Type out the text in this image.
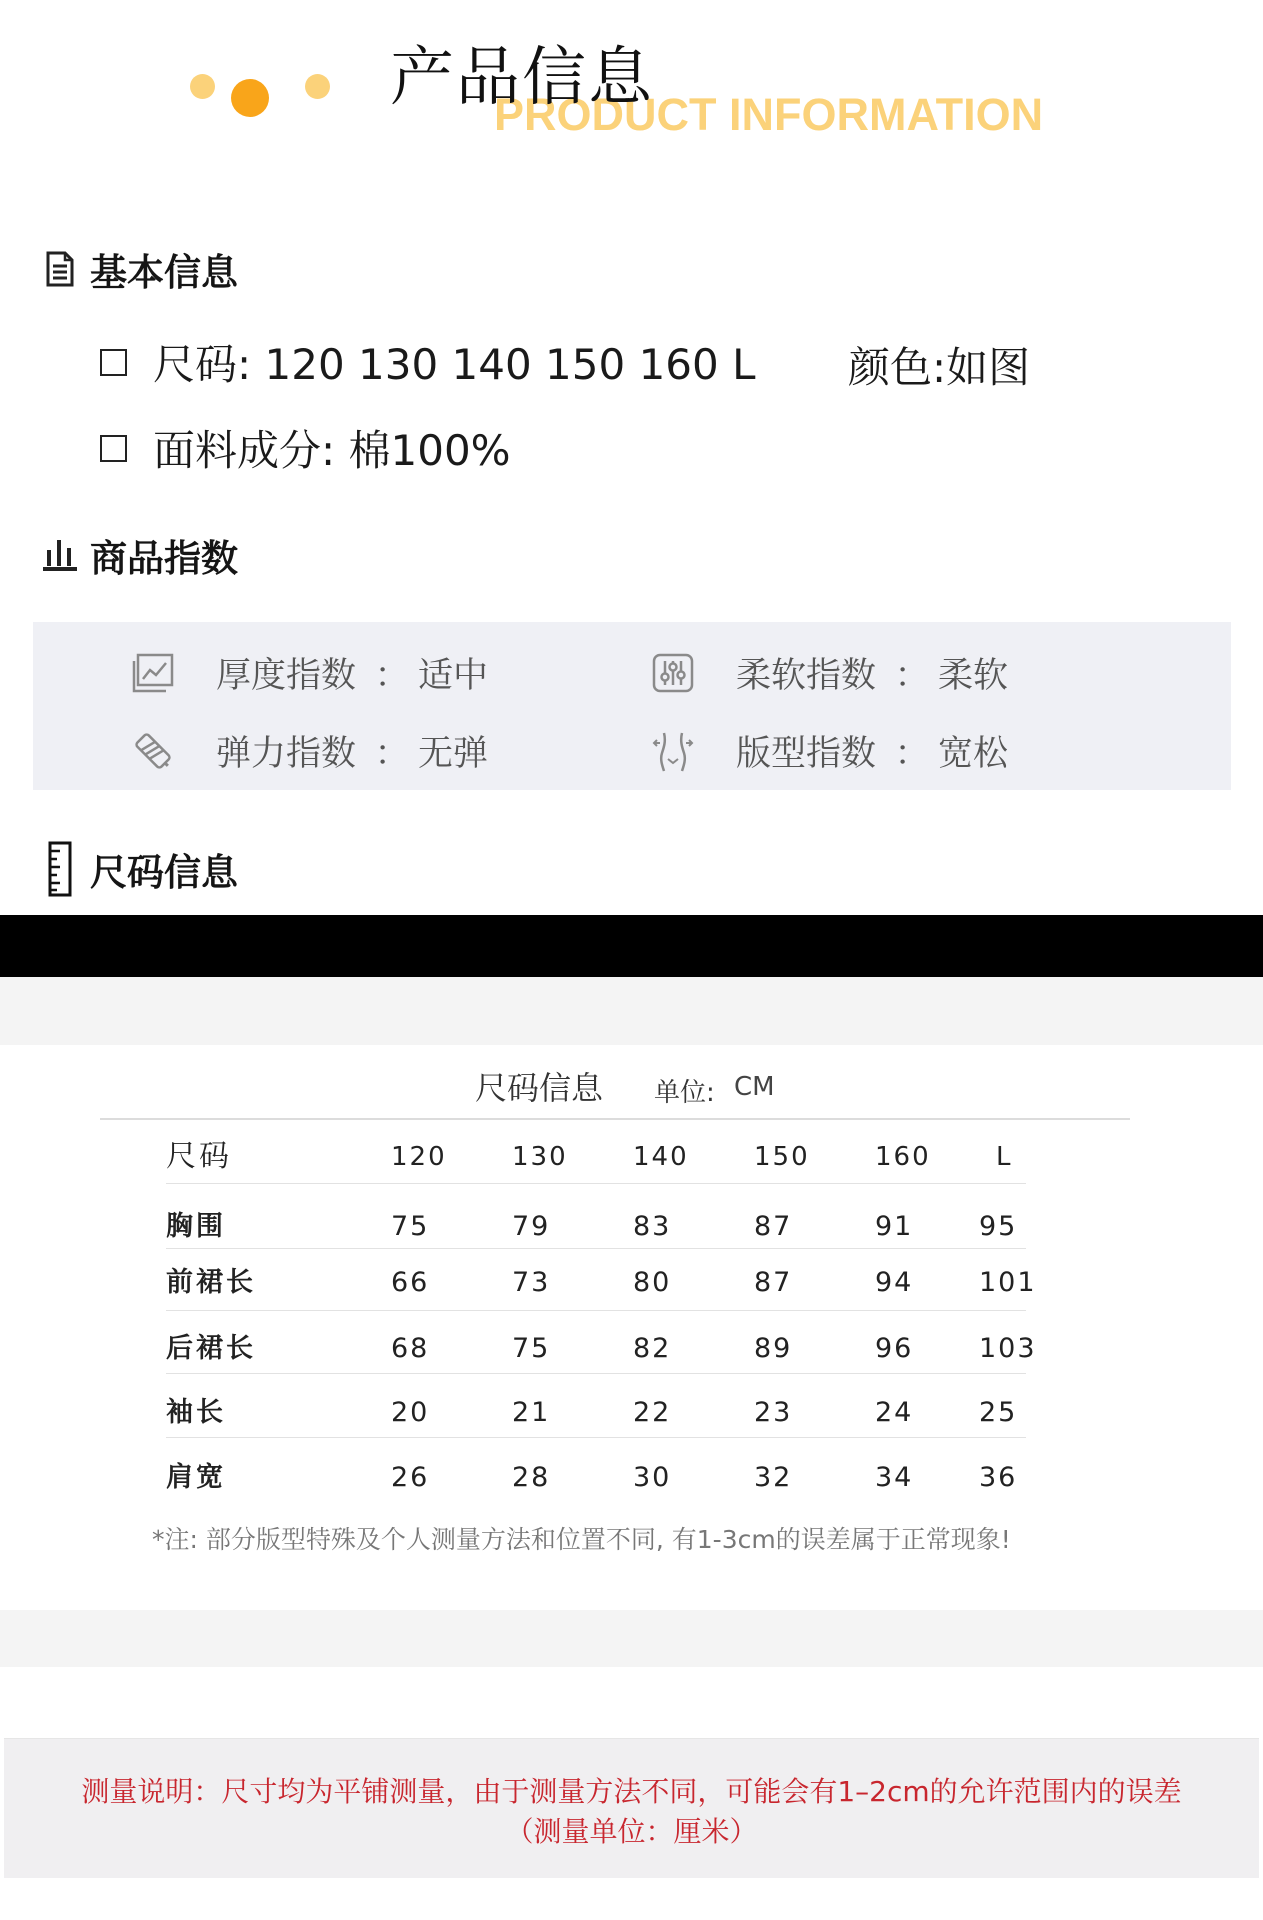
PRODUCT INFORMATION
产品信息
基本信息
尺码: 120 130 140 150 160 L 颜色:如图
面料成分: 棉100%
商品指数
厚度指数 ： 适中	柔软指数 ： 柔软
弹力指数 ： 无弹	版型指数 ： 宽松
尺码信息
尺码信息 单位: CM
尺码	120	130	140	150	160	L
胸围	75	79	83	87	91 95
前裙长	66	73	80	87	94 101
后裙长	68	75	82	89	96 103
袖长	20	21	22	23	24 25
肩宽	26	28	30	32	34 36
*注: 部分版型特殊及个人测量方法和位置不同, 有1-3cm的误差属于正常现象!
测量说明：尺寸均为平铺测量，由于测量方法不同，可能会有1–2cm的允许范围内的误差
（测量单位：厘米）
